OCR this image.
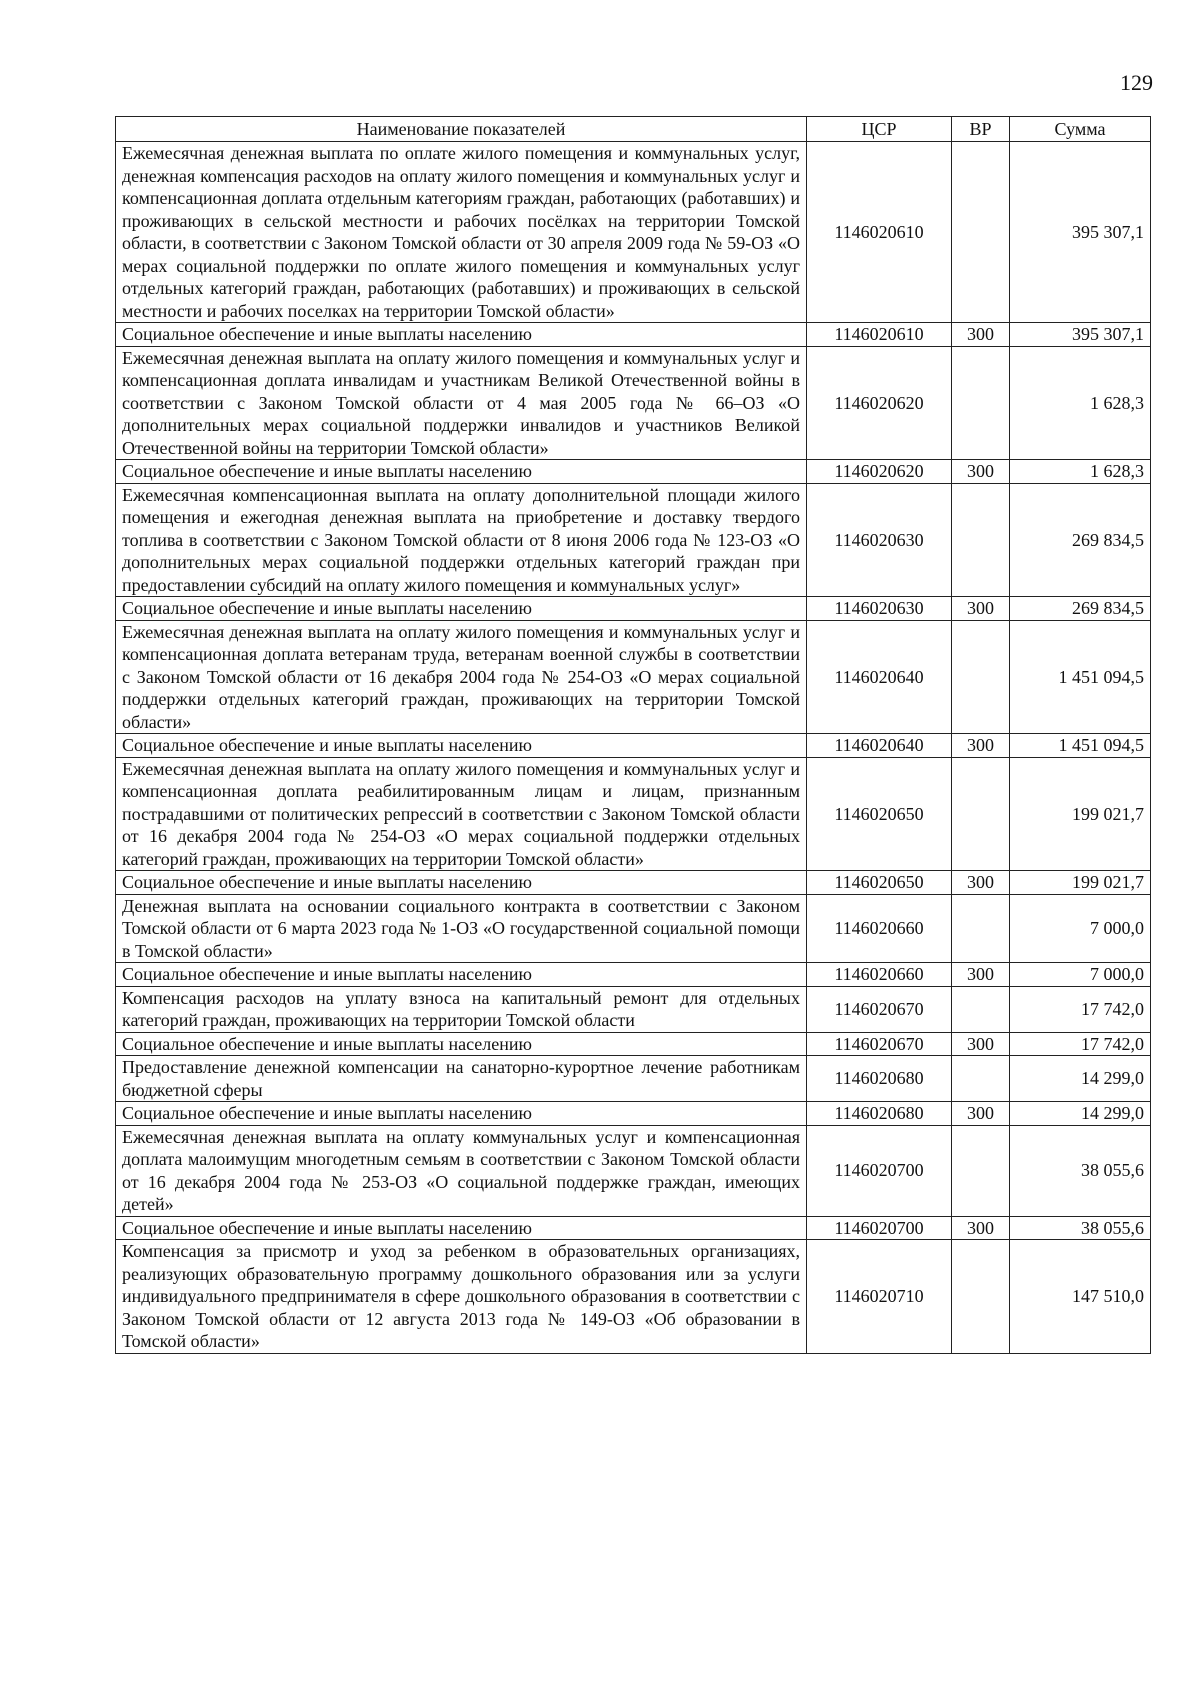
129
Наименование показателей	ЦСР	ВР	Сумма
Ежемесячная денежная выплата по оплате жилого помещения и коммунальных услуг, денежная компенсация расходов на оплату жилого помещения и коммунальных услуг и компенсационная доплата отдельным категориям граждан, работающих (работавших) и проживающих в сельской местности и рабочих посёлках на территории Томской области, в соответствии с Законом Томской области от 30 апреля 2009 года № 59-ОЗ «О мерах социальной поддержки по оплате жилого помещения и коммунальных услуг отдельных категорий граждан, работающих (работавших) и проживающих в сельской местности и рабочих поселках на территории Томской области»	1146020610		395 307,1
Социальное обеспечение и иные выплаты населению	1146020610	300	395 307,1
Ежемесячная денежная выплата на оплату жилого помещения и коммунальных услуг и компенсационная доплата инвалидам и участникам Великой Отечественной войны в соответствии с Законом Томской области от 4 мая 2005 года № 66–ОЗ «О дополнительных мерах социальной поддержки инвалидов и участников Великой Отечественной войны на территории Томской области»	1146020620		1 628,3
Социальное обеспечение и иные выплаты населению	1146020620	300	1 628,3
Ежемесячная компенсационная выплата на оплату дополнительной площади жилого помещения и ежегодная денежная выплата на приобретение и доставку твердого топлива в соответствии с Законом Томской области от 8 июня 2006 года № 123-ОЗ «О дополнительных мерах социальной поддержки отдельных категорий граждан при предоставлении субсидий на оплату жилого помещения и коммунальных услуг»	1146020630		269 834,5
Социальное обеспечение и иные выплаты населению	1146020630	300	269 834,5
Ежемесячная денежная выплата на оплату жилого помещения и коммунальных услуг и компенсационная доплата ветеранам труда, ветеранам военной службы в соответствии с Законом Томской области от 16 декабря 2004 года № 254-ОЗ «О мерах социальной поддержки отдельных категорий граждан, проживающих на территории Томской области»	1146020640		1 451 094,5
Социальное обеспечение и иные выплаты населению	1146020640	300	1 451 094,5
Ежемесячная денежная выплата на оплату жилого помещения и коммунальных услуг и компенсационная доплата реабилитированным лицам и лицам, признанным пострадавшими от политических репрессий в соответствии с Законом Томской области от 16 декабря 2004 года № 254-ОЗ «О мерах социальной поддержки отдельных категорий граждан, проживающих на территории Томской области»	1146020650		199 021,7
Социальное обеспечение и иные выплаты населению	1146020650	300	199 021,7
Денежная выплата на основании социального контракта в соответствии с Законом Томской области от 6 марта 2023 года № 1-ОЗ «О государственной социальной помощи в Томской области»	1146020660		7 000,0
Социальное обеспечение и иные выплаты населению	1146020660	300	7 000,0
Компенсация расходов на уплату взноса на капитальный ремонт для отдельных категорий граждан, проживающих на территории Томской области	1146020670		17 742,0
Социальное обеспечение и иные выплаты населению	1146020670	300	17 742,0
Предоставление денежной компенсации на санаторно-курортное лечение работникам бюджетной сферы	1146020680		14 299,0
Социальное обеспечение и иные выплаты населению	1146020680	300	14 299,0
Ежемесячная денежная выплата на оплату коммунальных услуг и компенсационная доплата малоимущим многодетным семьям в соответствии с Законом Томской области от 16 декабря 2004 года № 253-ОЗ «О социальной поддержке граждан, имеющих детей»	1146020700		38 055,6
Социальное обеспечение и иные выплаты населению	1146020700	300	38 055,6
Компенсация за присмотр и уход за ребенком в образовательных организациях, реализующих образовательную программу дошкольного образования или за услуги индивидуального предпринимателя в сфере дошкольного образования в соответствии с Законом Томской области от 12 августа 2013 года № 149-ОЗ «Об образовании в Томской области»	1146020710		147 510,0
